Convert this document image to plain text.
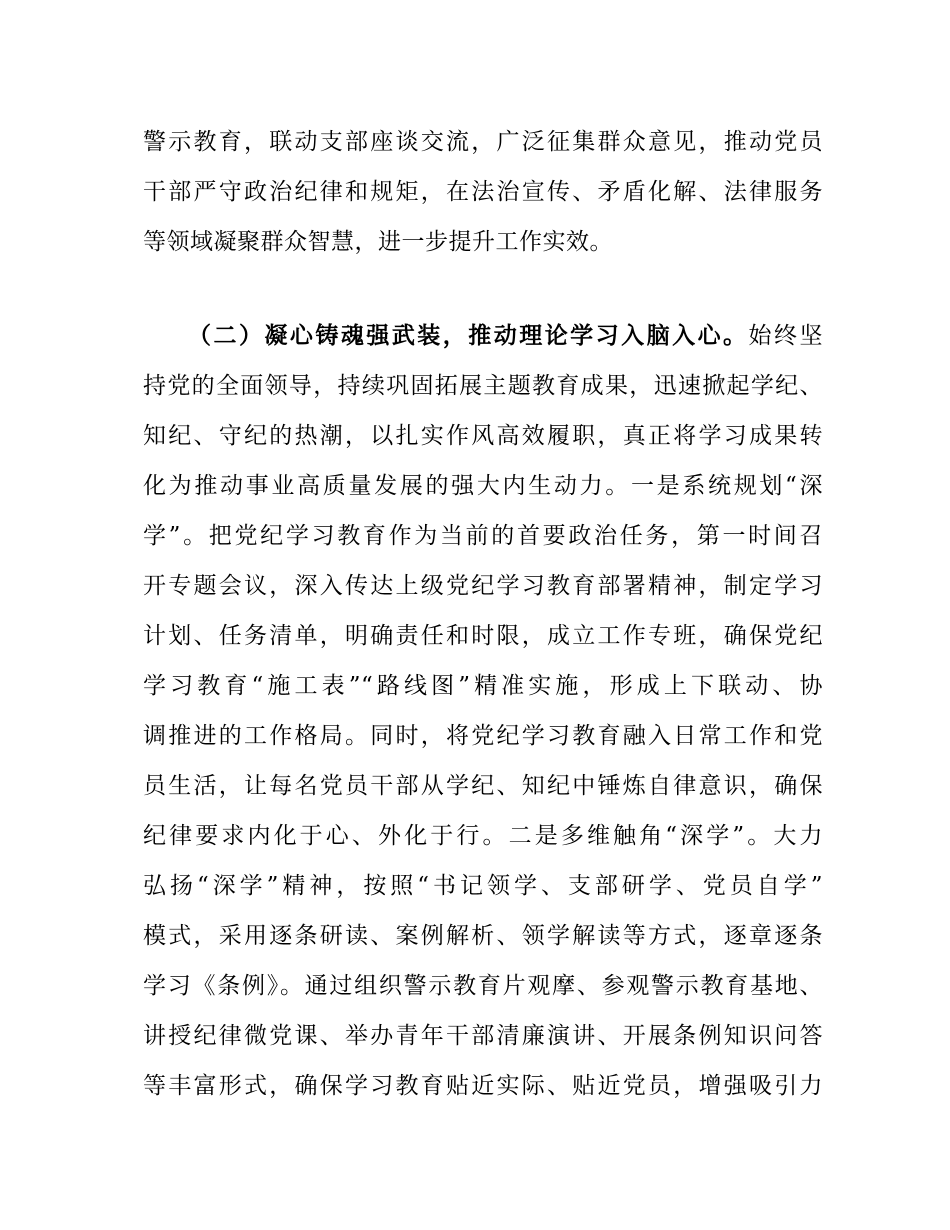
警示教育，联动支部座谈交流，广泛征集群众意见，推动党员
干部严守政治纪律和规矩，在法治宣传、矛盾化解、法律服务
等领域凝聚群众智慧，进一步提升工作实效。
（二）凝心铸魂强武装，推动理论学习入脑入心。始终坚
持党的全面领导，持续巩固拓展主题教育成果，迅速掀起学纪、
知纪、守纪的热潮，以扎实作风高效履职，真正将学习成果转
化为推动事业高质量发展的强大内生动力。一是系统规划“深
学”。把党纪学习教育作为当前的首要政治任务，第一时间召
开专题会议，深入传达上级党纪学习教育部署精神，制定学习
计划、任务清单，明确责任和时限，成立工作专班，确保党纪
学习教育“施工表”“路线图”精准实施，形成上下联动、协
调推进的工作格局。同时，将党纪学习教育融入日常工作和党
员生活，让每名党员干部从学纪、知纪中锤炼自律意识，确保
纪律要求内化于心、外化于行。二是多维触角“深学”。大力
弘扬“深学”精神，按照“书记领学、支部研学、党员自学”
模式，采用逐条研读、案例解析、领学解读等方式，逐章逐条
学习《条例》。通过组织警示教育片观摩、参观警示教育基地、
讲授纪律微党课、举办青年干部清廉演讲、开展条例知识问答
等丰富形式，确保学习教育贴近实际、贴近党员，增强吸引力
